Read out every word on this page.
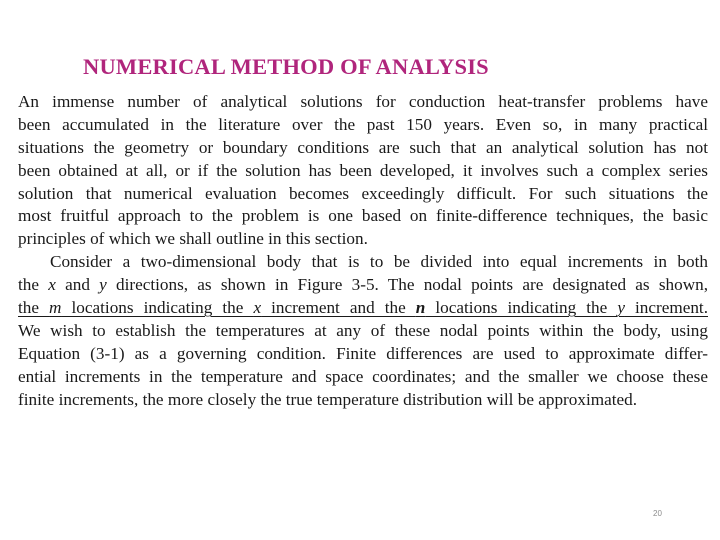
NUMERICAL METHOD OF ANALYSIS
An immense number of analytical solutions for conduction heat-transfer problems have
been accumulated in the literature over the past 150 years. Even so, in many practical
situations the geometry or boundary conditions are such that an analytical solution has not
been obtained at all, or if the solution has been developed, it involves such a complex series
solution that numerical evaluation becomes exceedingly difficult. For such situations the
most fruitful approach to the problem is one based on finite-difference techniques, the basic
principles of which we shall outline in this section.
Consider a two-dimensional body that is to be divided into equal increments in both
the x and y directions, as shown in Figure 3-5. The nodal points are designated as shown,
the m locations indicating the x increment and the n locations indicating the y increment.
We wish to establish the temperatures at any of these nodal points within the body, using
Equation (3-1) as a governing condition. Finite differences are used to approximate differ-
ential increments in the temperature and space coordinates; and the smaller we choose these
finite increments, the more closely the true temperature distribution will be approximated.
20
